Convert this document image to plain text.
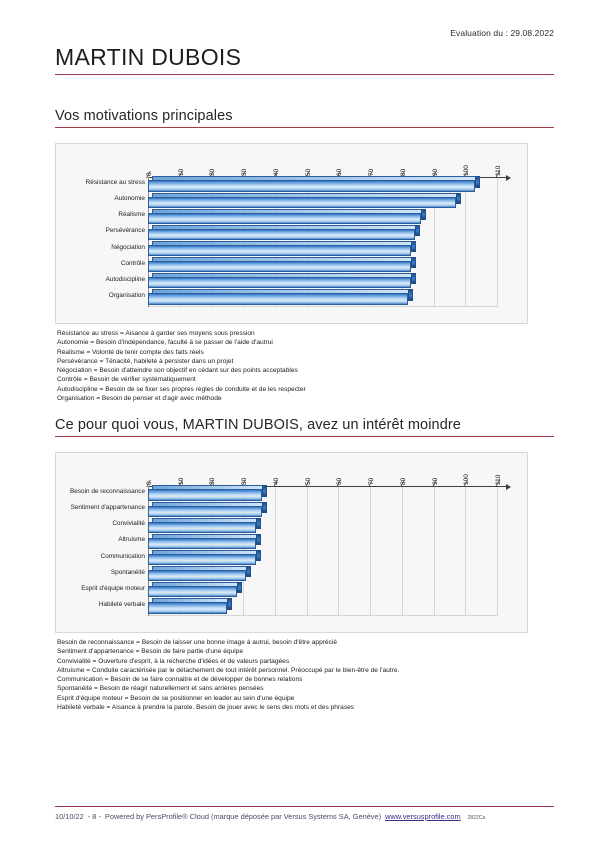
Evaluation du : 29.08.2022
MARTIN DUBOIS
Vos motivations principales
Résistance au stress
Autonomie
Réalisme
Persévérance
Négociation
Contrôle
Autodiscipline
Organisation
0	10	20	30	40	50	60	70	80	90	100	110
Résistance au stress = Aisance à garder ses moyens sous pression
Autonomie = Besoin d'indépendance, faculté à se passer de l'aide d'autrui
Réalisme = Volonté de tenir compte des faits réels
Persévérance = Ténacité, habileté à persister dans un projet
Négociation = Besoin d'atteindre son objectif en cédant sur des points acceptables
Contrôle = Besoin de vérifier systématiquement
Autodiscipline = Besoin de se fixer ses propres règles de conduite et de les respecter
Organisation = Besoin de penser et d'agir avec méthode
Ce pour quoi vous, MARTIN DUBOIS, avez un intérêt moindre
Besoin de reconnaissance
Sentiment d'appartenance
Convivialité
Altruisme
Communication
Spontanéité
Esprit d'équipe moteur
Habileté verbale
0	10	20	30	40	50	60	70	80	90	100	110
Besoin de reconnaissance = Besoin de laisser une bonne image à autrui, besoin d'être apprécié
Sentiment d'appartenance = Besoin de faire partie d'une équipe
Convivialité = Ouverture d'esprit, à la recherche d'idées et de valeurs partagées
Altruisme = Conduite caractérisée par le détachement de tout intérêt personnel. Préoccupé par le bien-être de l'autre.
Communication = Besoin de se faire connaitre et de développer de bonnes relations
Spontanéité = Besoin de réagir naturellement et sans arrières pensées
Esprit d'équipe moteur = Besoin de se positionner en leader au sein d'une équipe
Habileté verbale = Aisance à prendre la parole. Besoin de jouer avec le sens des mots et des phrases
10/10/22 - 8 - Powered by PersProfile® Cloud (marque déposée par Versus Systems SA, Genève) www.versusprofile.com 2822Ca
